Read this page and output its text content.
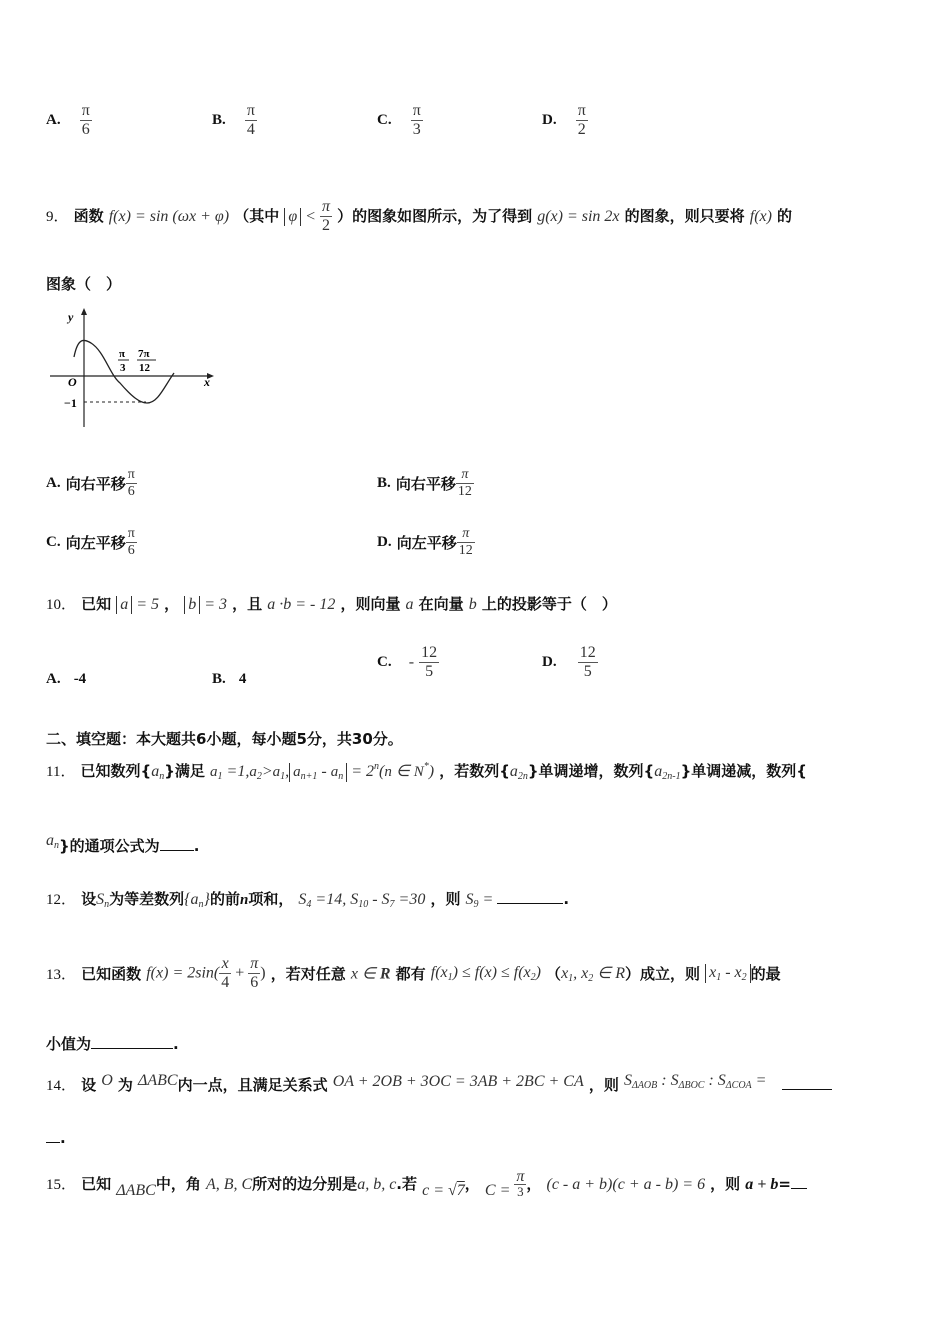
A. $\frac{\pi}{6}$	B. $\frac{\pi}{4}$	C. $\frac{\pi}{3}$	D. $\frac{\pi}{2}$
9． 函数 f(x) = sin (ωx + φ) （其中 $\varphi < \frac{\pi}{2}$ ）的图象如图所示，为了得到 g(x) = sin 2x 的图象，则只要将 f(x) 的
图象（　）
y
x
O
−1
π
3
7π
12
A. 向右平移 $\frac{\pi}{6}$	B. 向右平移 $\frac{\pi}{12}$
C. 向左平移 $\frac{\pi}{6}$	D. 向左平移 $\frac{\pi}{12}$
10． 已知 a = 5 ， b = 3 ，且 a ·b = - 12 ，则向量 a 在向量 b 上的投影等于（　）
A. -4	B. 4
C. - $\frac{12}{5}$	D. $\frac{12}{5}$
二、填空题：本大题共6小题，每小题5分，共30分。
11． 已知数列$\{a_n\}$满足 $a_1 =1,a_2>a_1$, $a_{n+1} - a_n = 2^n(n$ ∈ N*) ，若数列$\{a_{2n}\}$单调递增，数列$\{a_{2n-1}\}$单调递减，数列{
$a_n$}的通项公式为 .
12． 设$S_n$为等差数列$\{a_n\}$的前n项和， $S_4 =14$, $S_{10} - S_7 =30$ ，则 $S_9$ =	.
13． 已知函数 $f(x) = 2\sin( \frac{x}{4} + \frac{\pi}{6}$ ) ，若对任意 x ∈ R 都有 $f(x_1) \le f(x) \le f(x_2)$ （$x_1$, $x_2$ ∈ R）成立，则 $x_1 - x_2$ 的最
小值为	.
14． 设 O 为 ΔABC内一点，且满足关系式 OA + 2OB + 3OC = 3AB + 2BC + CA ，则 $S_{\Delta AOB}$ : $S_{\Delta BOC}$ : $S_{\Delta COA}$ =
.
15． 已知 ΔABC中，角 A, B, C所对的边分别是a, b, c.若 c = √7， $C = \frac{\pi}{3}$ ， (c - a + b)(c + a - b) = 6 ，则 a + b=
